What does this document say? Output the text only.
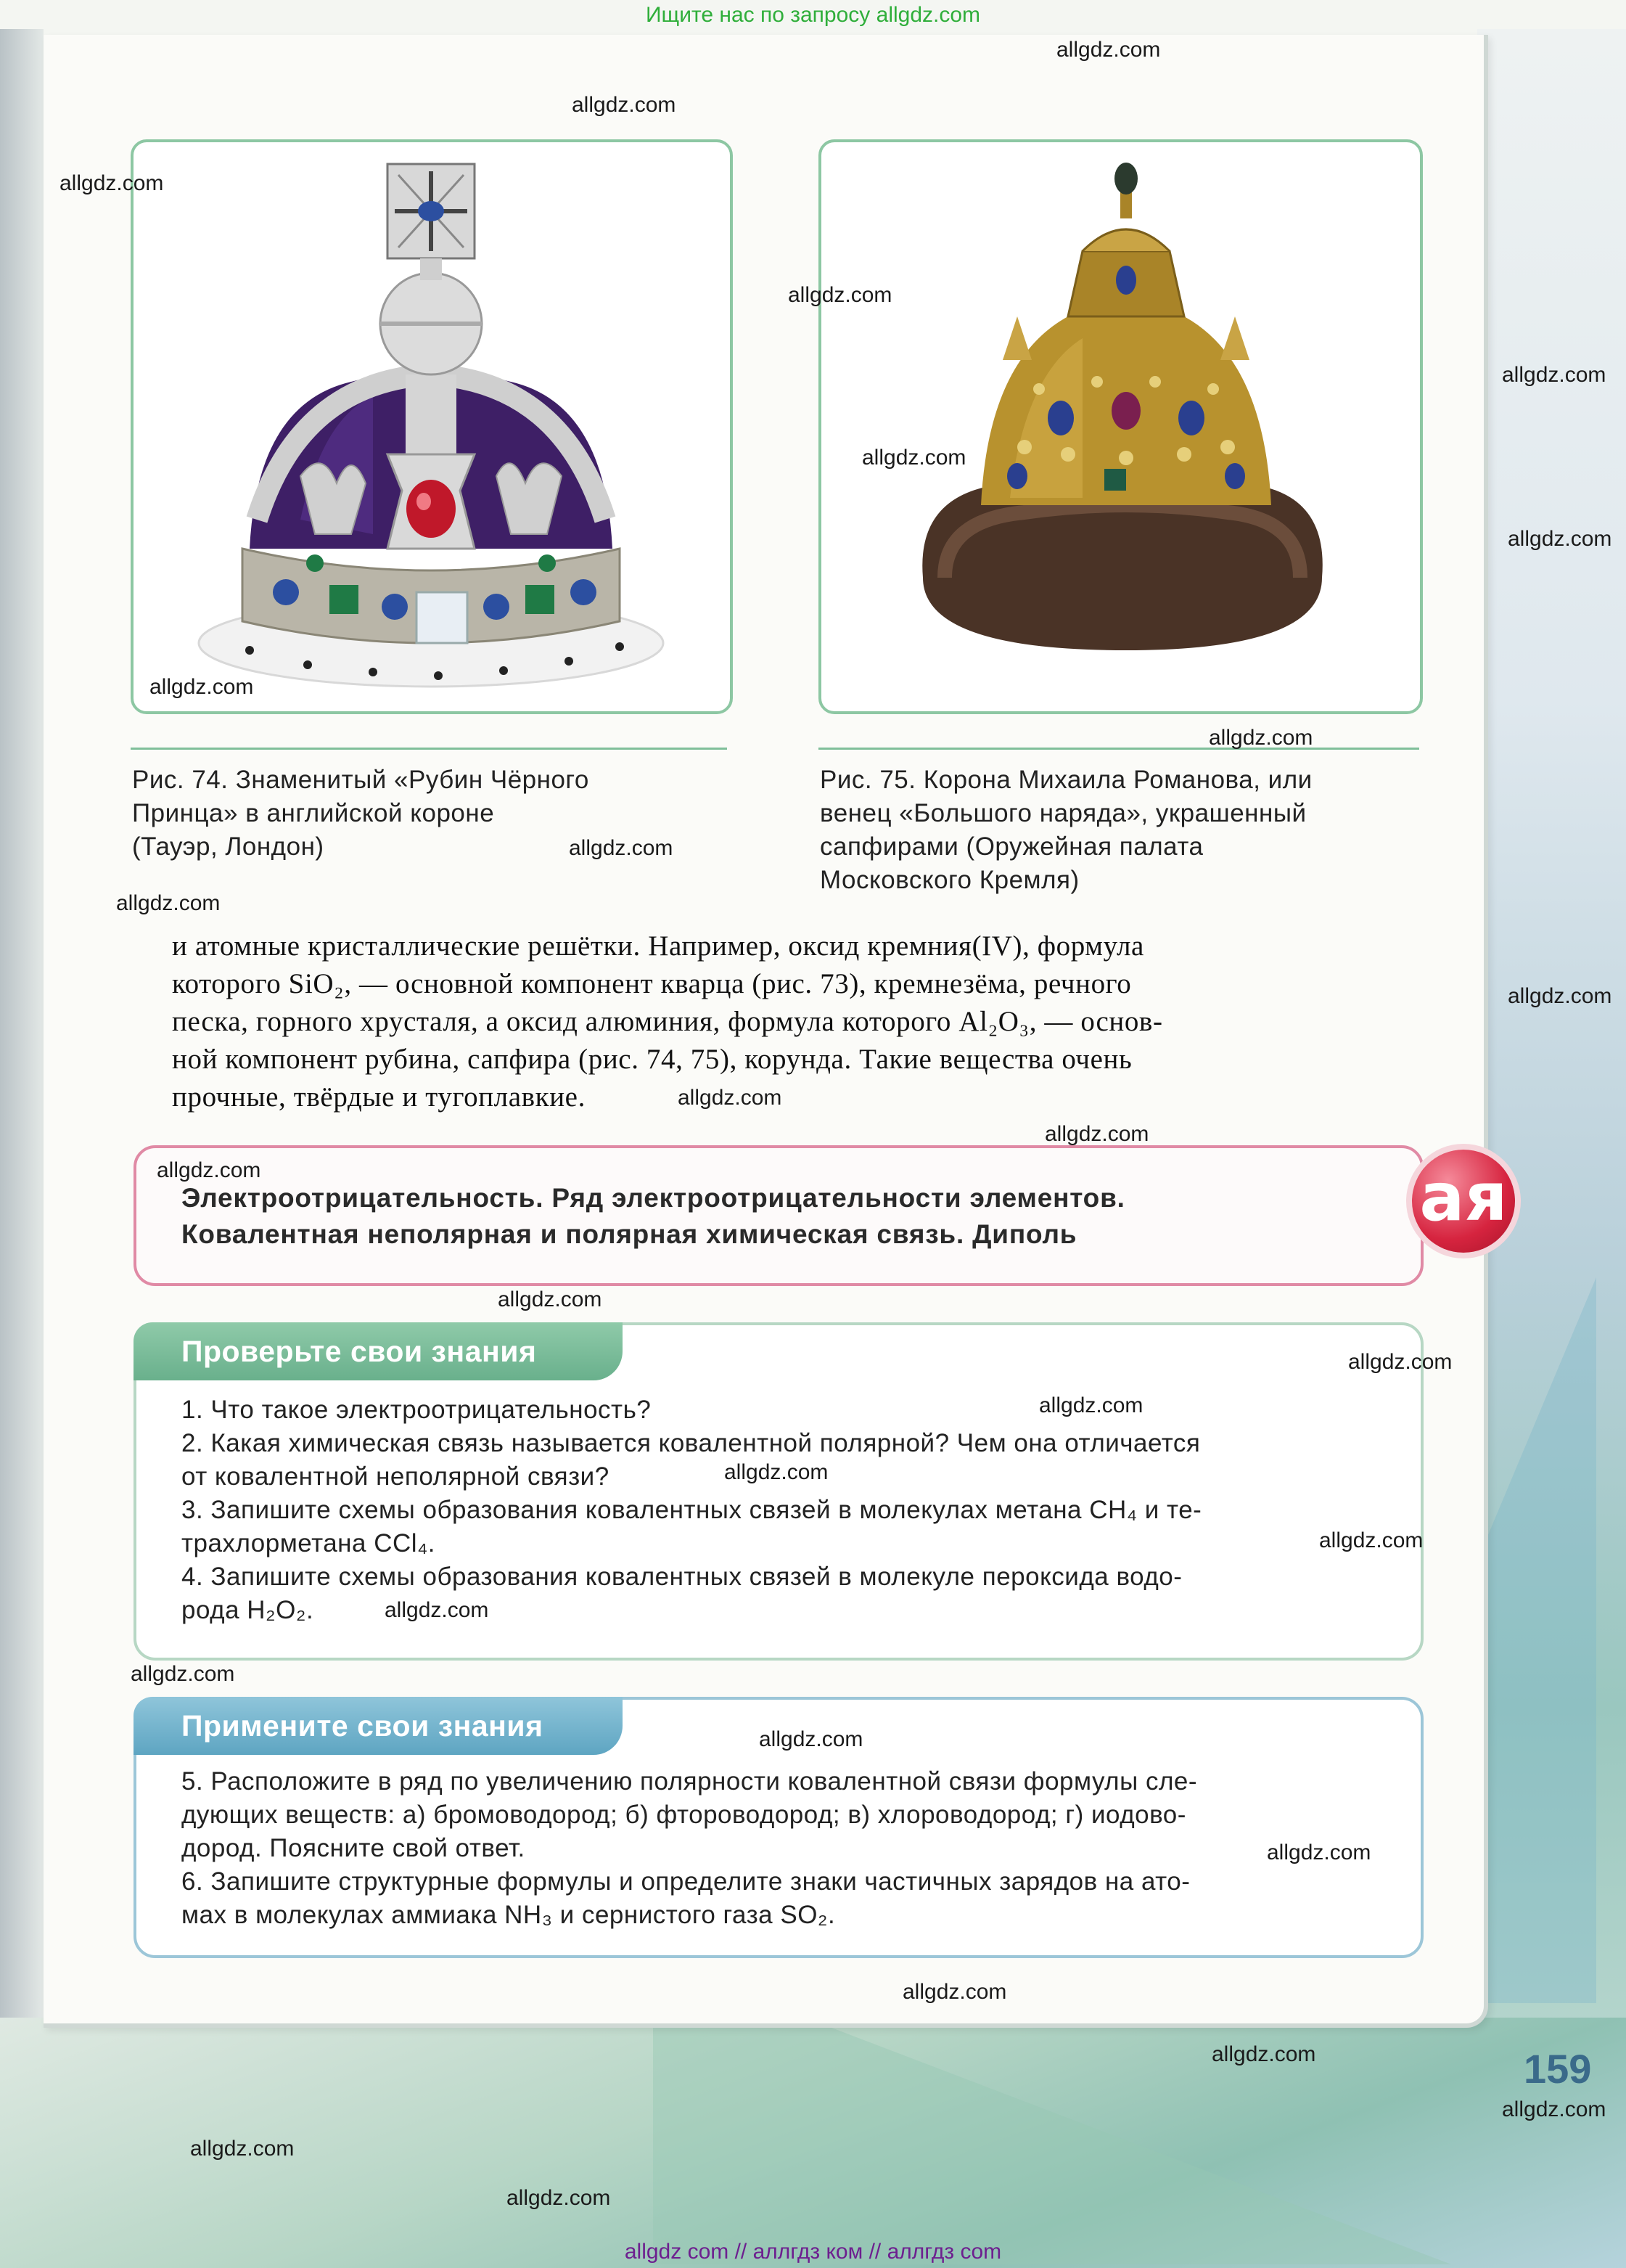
Ищите нас по запросу allgdz.com
Рис. 74. Знаменитый «Рубин Чёрного
Принца» в английской короне
(Тауэр, Лондон)
Рис. 75. Корона Михаила Романова, или
венец «Большого наряда», украшенный
сапфирами (Оружейная палата
Московского Кремля)

и атомные кристаллические решётки. Например, оксид кремния(IV), формула

которого SiO₂, — основной компонент кварца (рис. 73), кремнезёма, речного

песка, горного хрусталя, а оксид алюминия, формула которого Al₂O₃, — основ-

ной компонент рубина, сапфира (рис. 74, 75), корунда. Такие вещества очень

прочные, твёрдые и тугоплавкие.

Электроотрицательность. Ряд электроотрицательности элементов.

Ковалентная неполярная и полярная химическая связь. Диполь	ая
Проверьте свои знания

1. Что такое электроотрицательность?

2. Какая химическая связь называется ковалентной полярной? Чем она отличается

от ковалентной неполярной связи?

3. Запишите схемы образования ковалентных связей в молекулах метана CH₄ и те-

трахлорметана CCl₄.

4. Запишите схемы образования ковалентных связей в молекуле пероксида водо-

рода H₂O₂.

Примените свои знания

5. Расположите в ряд по увеличению полярности ковалентной связи формулы сле-

дующих веществ: а) бромоводород; б) фтороводород; в) хлороводород; г) иодово-

дород. Поясните свой ответ.

6. Запишите структурные формулы и определите знаки частичных зарядов на ато-

мах в молекулах аммиака NH₃ и сернистого газа SO₂.

159
allgdz.com
allgdz.com
allgdz.com
allgdz.com
allgdz.com
allgdz.com
allgdz.com
allgdz.com
allgdz.com
allgdz.com
allgdz.com
allgdz.com
allgdz.com
allgdz.com
allgdz.com
allgdz.com
allgdz.com
allgdz.com
allgdz.com
allgdz.com
allgdz.com
allgdz.com
allgdz.com
allgdz.com
allgdz.com
allgdz.com
allgdz.com
allgdz.com
allgdz.com
allgdz com // аллгдз ком // аллгдз com
